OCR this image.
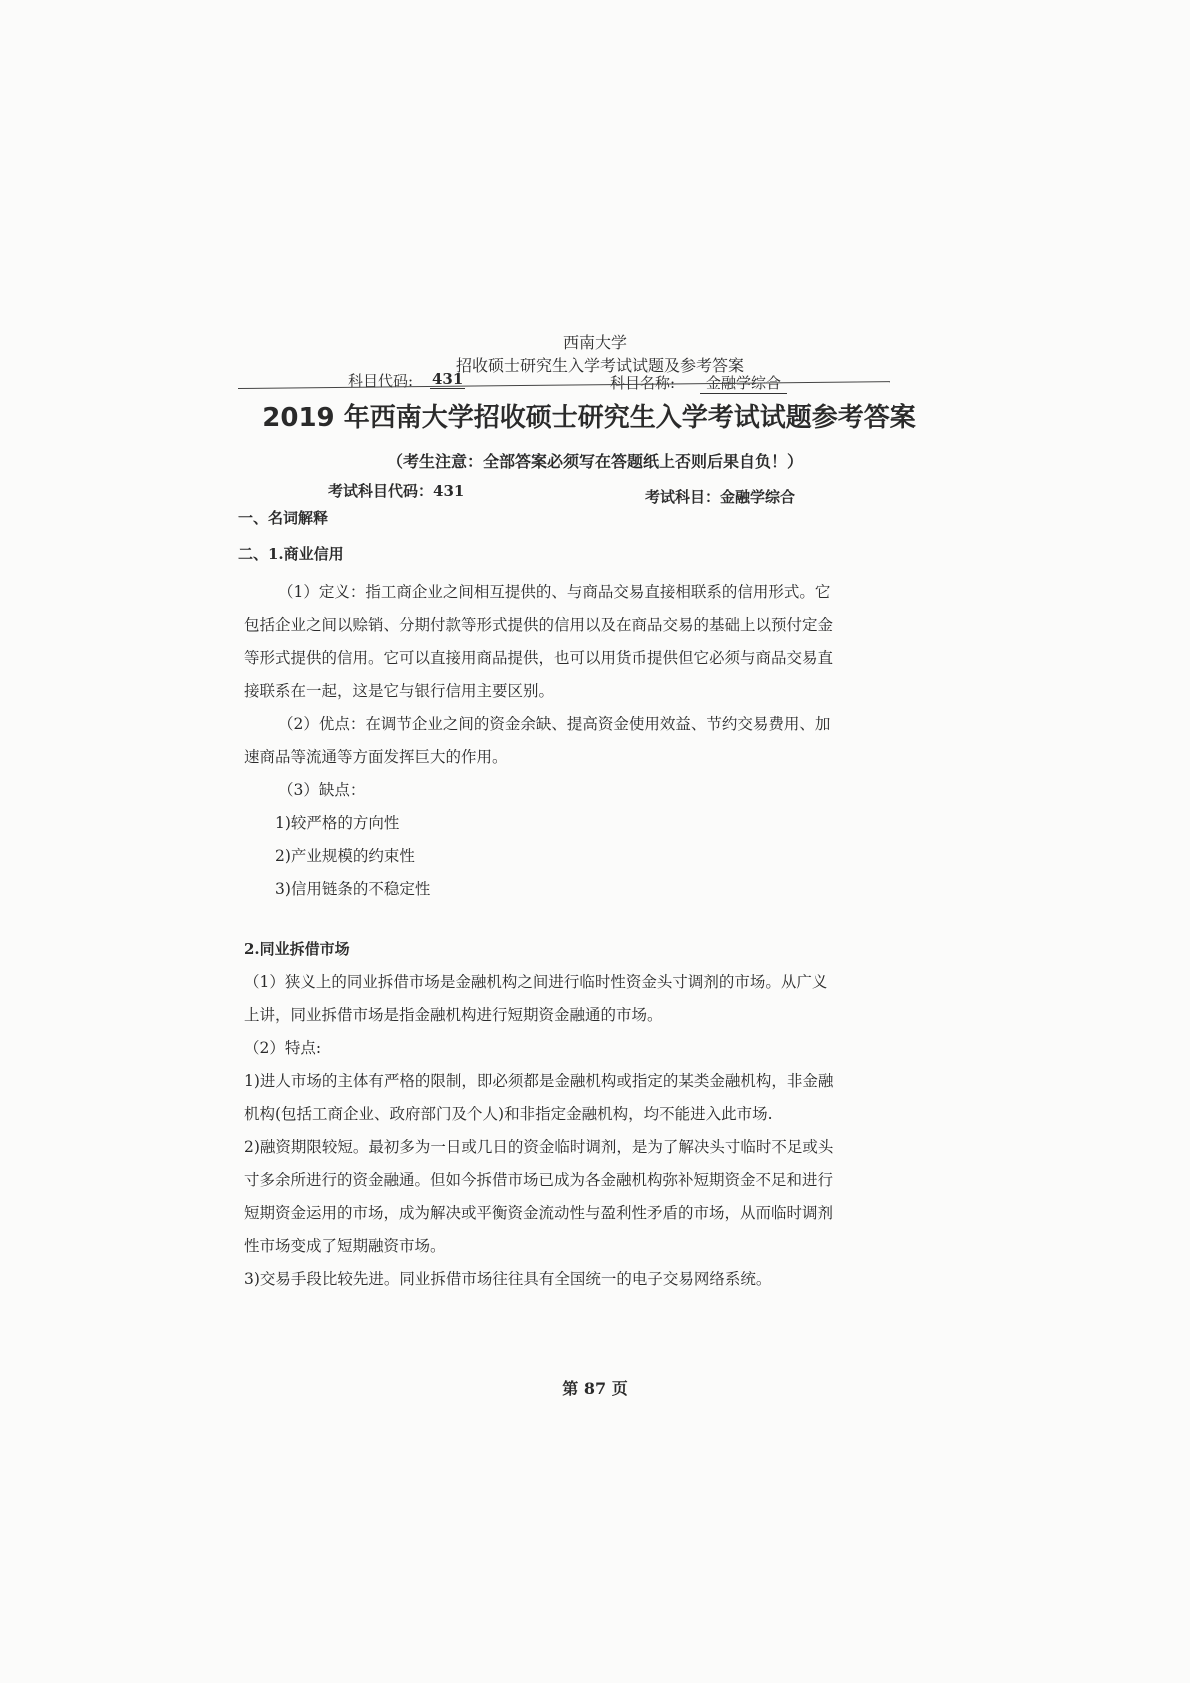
西南大学
招收硕士研究生入学考试试题及参考答案
科目代码: 431	科目名称:	金融学综合
2019 年西南大学招收硕士研究生入学考试试题参考答案
（考生注意：全部答案必须写在答题纸上否则后果自负！）
考试科目代码：431	考试科目：金融学综合
一、名词解释
二、1.商业信用
（1）定义：指工商企业之间相互提供的、与商品交易直接相联系的信用形式。它
包括企业之间以赊销、分期付款等形式提供的信用以及在商品交易的基础上以预付定金
等形式提供的信用。它可以直接用商品提供，也可以用货币提供但它必须与商品交易直
接联系在一起，这是它与银行信用主要区别。
（2）优点：在调节企业之间的资金余缺、提高资金使用效益、节约交易费用、加
速商品等流通等方面发挥巨大的作用。
（3）缺点：
1)较严格的方向性
2)产业规模的约束性
3)信用链条的不稳定性
2.同业拆借市场
（1）狭义上的同业拆借市场是金融机构之间进行临时性资金头寸调剂的市场。从广义
上讲，同业拆借市场是指金融机构进行短期资金融通的市场。
（2）特点:
1)进人市场的主体有严格的限制，即必须都是金融机构或指定的某类金融机构，非金融
机构(包括工商企业、政府部门及个人)和非指定金融机构，均不能进入此市场.
2)融资期限较短。最初多为一日或几日的资金临时调剂，是为了解决头寸临时不足或头
寸多余所进行的资金融通。但如今拆借市场已成为各金融机构弥补短期资金不足和进行
短期资金运用的市场，成为解决或平衡资金流动性与盈利性矛盾的市场，从而临时调剂
性市场变成了短期融资市场。
3)交易手段比较先进。同业拆借市场往往具有全国统一的电子交易网络系统。
第 87 页
